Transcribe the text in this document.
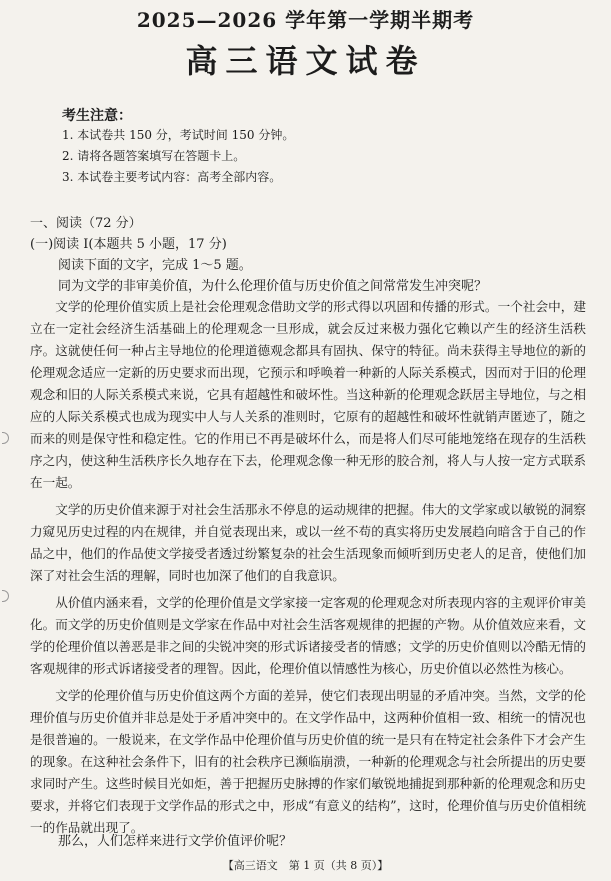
2025—2026 学年第一学期半期考
高三语文试卷
考生注意：
1. 本试卷共 150 分，考试时间 150 分钟。
2. 请将各题答案填写在答题卡上。
3. 本试卷主要考试内容：高考全部内容。
一、阅读（72 分）
(一)阅读 Ⅰ(本题共 5 小题，17 分)
阅读下面的文字，完成 1～5 题。
同为文学的非审美价值，为什么伦理价值与历史价值之间常常发生冲突呢？

文学的伦理价值实质上是社会伦理观念借助文学的形式得以巩固和传播的形式。一个社会中，建立在一定社会经济生活基础上的伦理观念一旦形成，就会反过来极力强化它赖以产生的经济生活秩序。这就使任何一种占主导地位的伦理道德观念都具有固执、保守的特征。尚未获得主导地位的新的伦理观念适应一定新的历史要求而出现，它预示和呼唤着一种新的人际关系模式，因而对于旧的伦理观念和旧的人际关系模式来说，它具有超越性和破坏性。当这种新的伦理观念跃居主导地位，与之相应的人际关系模式也成为现实中人与人关系的准则时，它原有的超越性和破坏性就销声匿迹了，随之而来的则是保守性和稳定性。它的作用已不再是破坏什么，而是将人们尽可能地笼络在现存的生活秩序之内，使这种生活秩序长久地存在下去，伦理观念像一种无形的胶合剂，将人与人按一定方式联系在一起。

文学的历史价值来源于对社会生活那永不停息的运动规律的把握。伟大的文学家或以敏锐的洞察力窥见历史过程的内在规律，并自觉表现出来，或以一丝不苟的真实将历史发展趋向暗含于自己的作品之中，他们的作品使文学接受者透过纷繁复杂的社会生活现象而倾听到历史老人的足音，使他们加深了对社会生活的理解，同时也加深了他们的自我意识。

从价值内涵来看，文学的伦理价值是文学家接一定客观的伦理观念对所表现内容的主观评价审美化。而文学的历史价值则是文学家在作品中对社会生活客观规律的把握的产物。从价值效应来看，文学的伦理价值以善恶是非之间的尖锐冲突的形式诉诸接受者的情感；文学的历史价值则以冷酷无情的客观规律的形式诉诸接受者的理智。因此，伦理价值以情感性为核心，历史价值以必然性为核心。

文学的伦理价值与历史价值这两个方面的差异，使它们表现出明显的矛盾冲突。当然，文学的伦理价值与历史价值并非总是处于矛盾冲突中的。在文学作品中，这两种价值相一致、相统一的情况也是很普遍的。一般说来，在文学作品中伦理价值与历史价值的统一是只有在特定社会条件下才会产生的现象。在这种社会条件下，旧有的社会秩序已濒临崩溃，一种新的伦理观念与社会所提出的历史要求同时产生。这些时候目光如炬，善于把握历史脉搏的作家们敏锐地捕捉到那种新的伦理观念和历史要求，并将它们表现于文学作品的形式之中，形成“有意义的结构”，这时，伦理价值与历史价值相统一的作品就出现了。

那么，人们怎样来进行文学价值评价呢？
【高三语文　第 1 页（共 8 页）】
